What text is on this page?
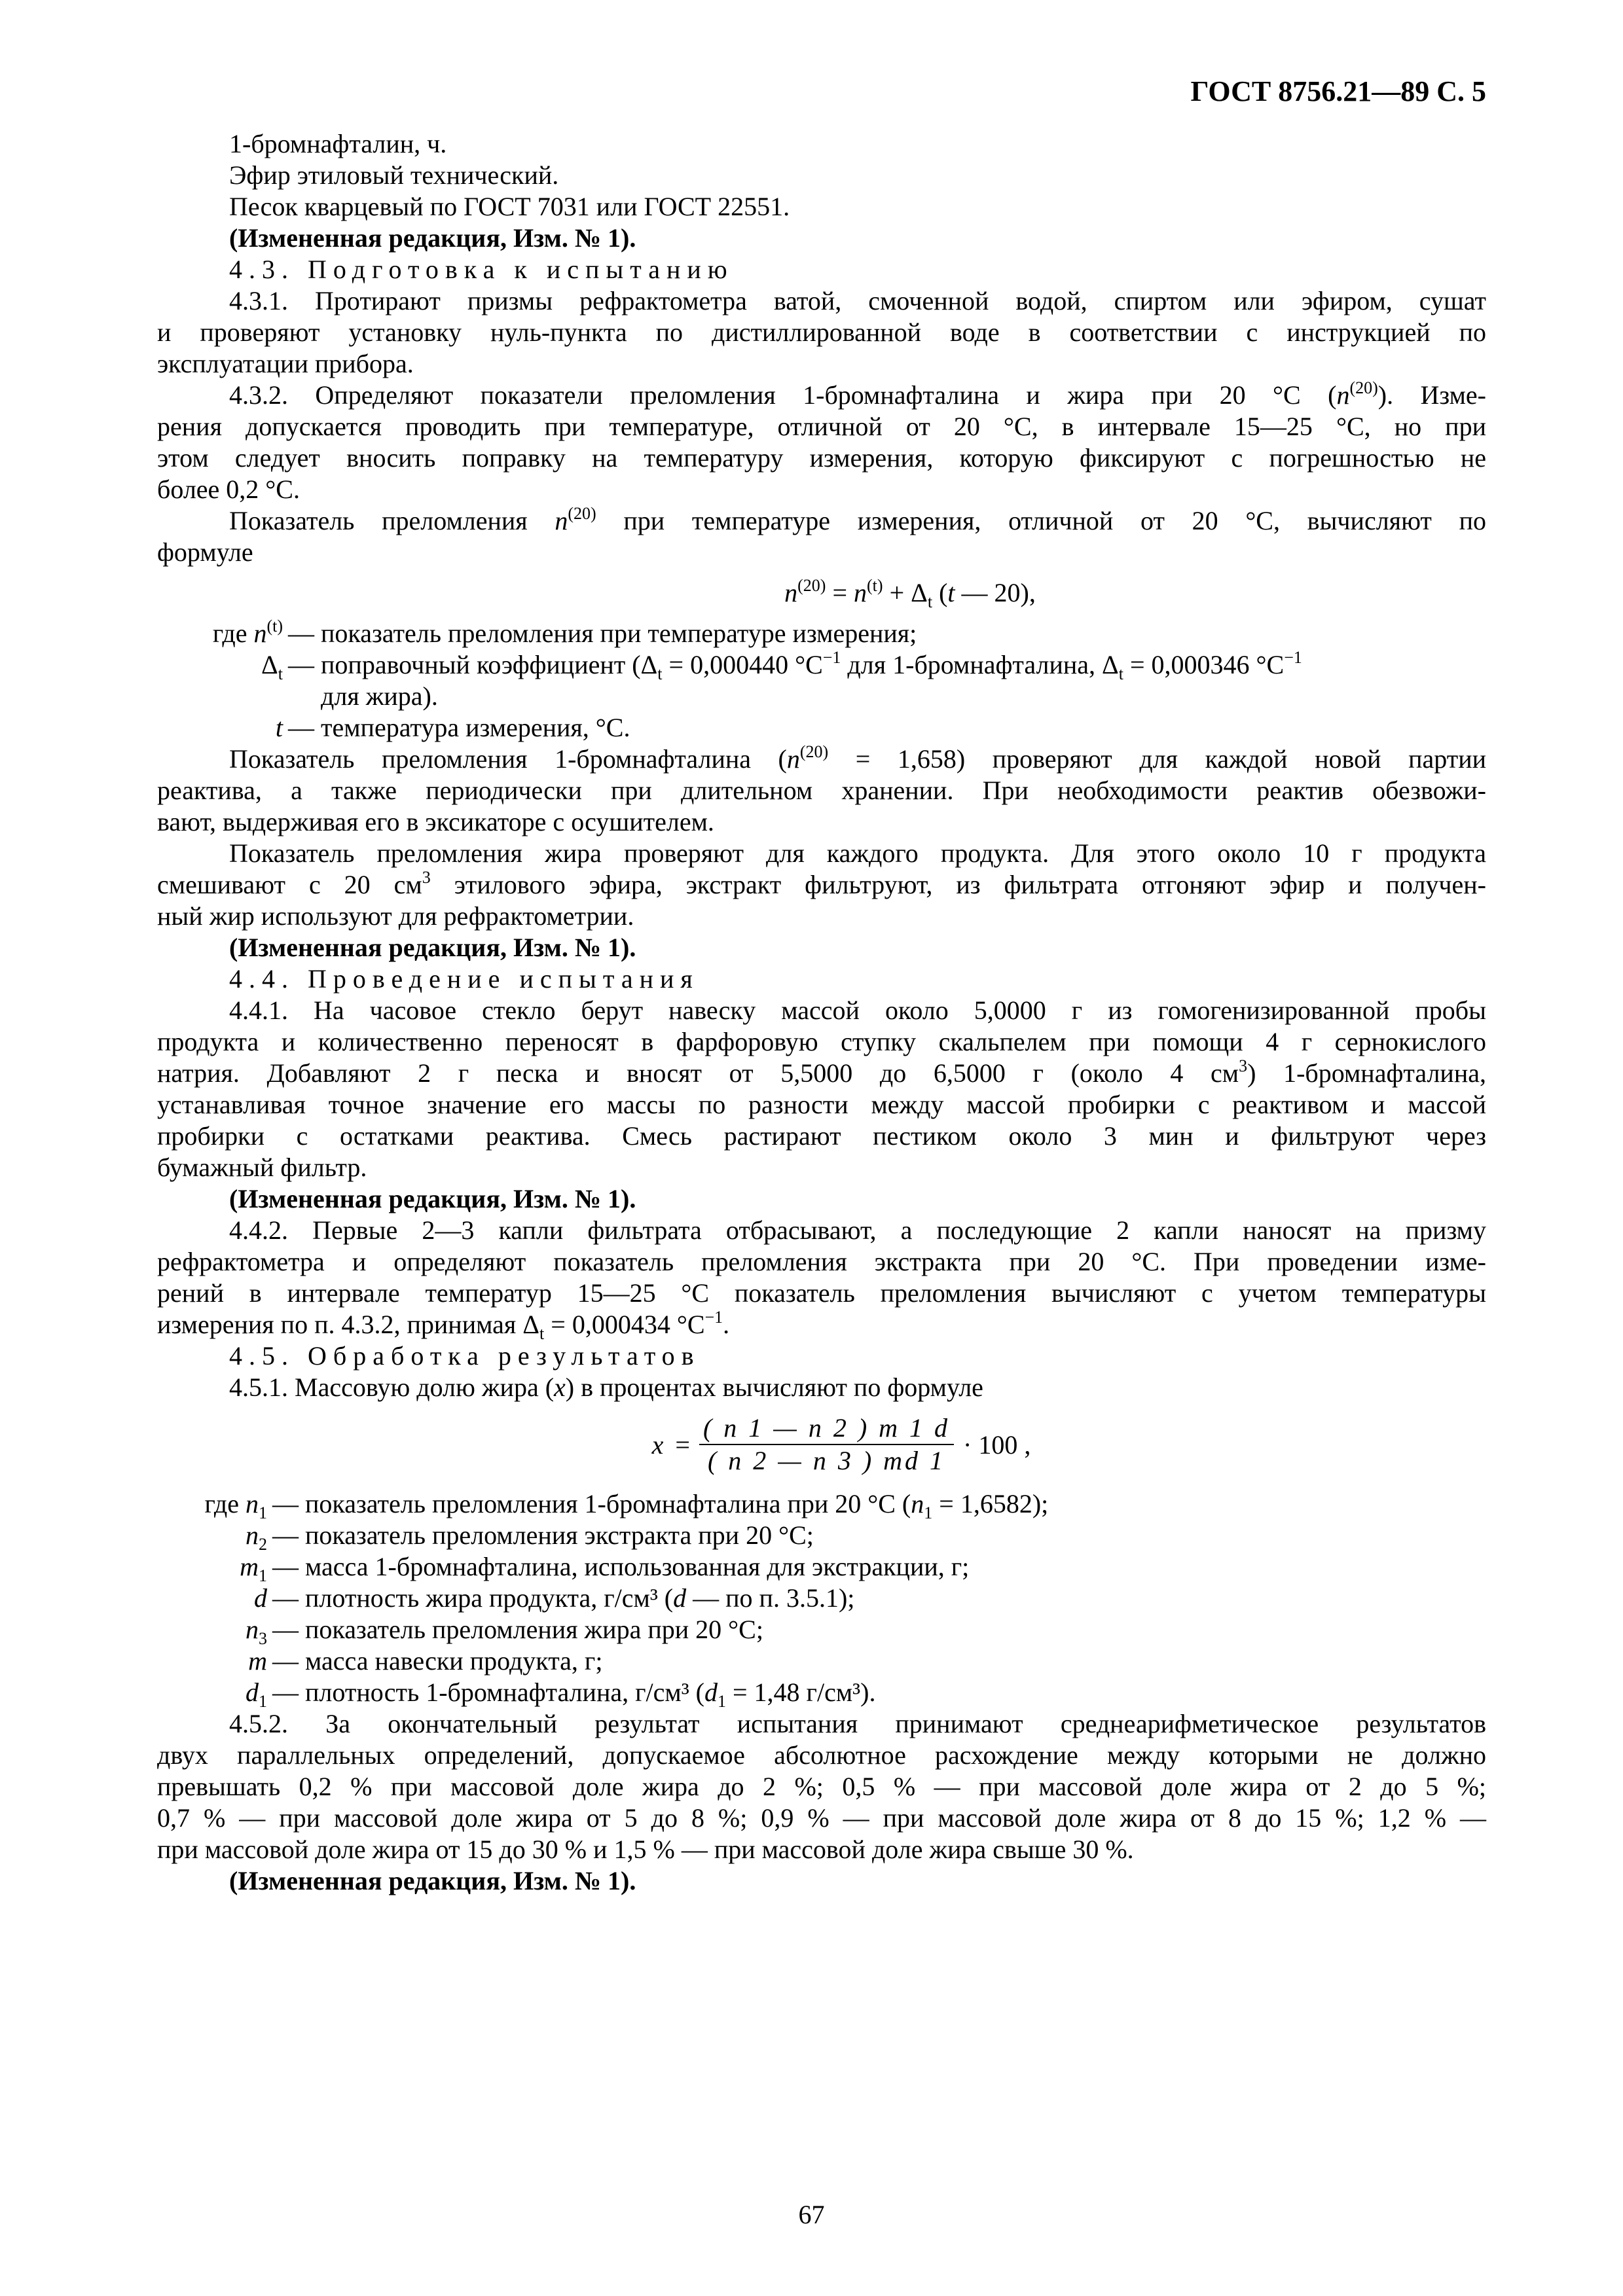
ГОСТ 8756.21—89 С. 5
1-бромнафталин, ч.
Эфир этиловый технический.
Песок кварцевый по ГОСТ 7031 или ГОСТ 22551.
(Измененная редакция, Изм. № 1).
4.3. Подготовка к испытанию
4.3.1. Протирают призмы рефрактометра ватой, смоченной водой, спиртом или эфиром, сушат
и проверяют установку нуль-пункта по дистиллированной воде в соответствии с инструкцией по
эксплуатации прибора.
4.3.2. Определяют показатели преломления 1-бромнафталина и жира при 20 °С $(n^{(20)})$. Изме-
рения допускается проводить при температуре, отличной от 20 °С, в интервале 15—25 °С, но при
этом следует вносить поправку на температуру измерения, которую фиксируют с погрешностью не
более 0,2 °С.
Показатель преломления $n^{(20)}$ при температуре измерения, отличной от 20 °С, вычисляют по
формуле
$n^{(20)} = n^{(t)} + \Delta_t$ (t — 20),
где $n^{(t)}$ — показатель преломления при температуре измерения;
$\Delta_t$ — поправочный коэффициент ($\Delta_t = 0,000440$ $^\circ С^{-1}$ для 1-бромнафталина, $\Delta_t = 0,000346$ $^\circ С^{-1}$
для жира).
t — температура измерения, °С.
Показатель преломления 1-бромнафталина $(n^{(20)} = 1,658)$ проверяют для каждой новой партии
реактива, а также периодически при длительном хранении. При необходимости реактив обезвожи-
вают, выдерживая его в эксикаторе с осушителем.
Показатель преломления жира проверяют для каждого продукта. Для этого около 10 г продукта
смешивают с 20 $см^3$ этилового эфира, экстракт фильтруют, из фильтрата отгоняют эфир и получен-
ный жир используют для рефрактометрии.
(Измененная редакция, Изм. № 1).
4.4. Проведение испытания
4.4.1. На часовое стекло берут навеску массой около 5,0000 г из гомогенизированной пробы
продукта и количественно переносят в фарфоровую ступку скальпелем при помощи 4 г сернокислого
натрия. Добавляют 2 г песка и вносят от 5,5000 до 6,5000 г (около 4 $см^3$) 1-бромнафталина,
устанавливая точное значение его массы по разности между массой пробирки с реактивом и массой
пробирки с остатками реактива. Смесь растирают пестиком около 3 мин и фильтруют через
бумажный фильтр.
(Измененная редакция, Изм. № 1).
4.4.2. Первые 2—3 капли фильтрата отбрасывают, а последующие 2 капли наносят на призму
рефрактометра и определяют показатель преломления экстракта при 20 °С. При проведении изме-
рений в интервале температур 15—25 °С показатель преломления вычисляют с учетом температуры
измерения по п. 4.3.2, принимая $\Delta_t = 0,000434$ $^\circ С^{-1}$.
4.5. Обработка результатов
4.5.1. Массовую долю жира (x) в процентах вычисляют по формуле
$x = \frac{( n 1 — n 2 ) m 1 d}{( n 2 — n 3 ) md 1} \cdot 100$ ,
где $n_1$ — показатель преломления 1-бромнафталина при 20 °С $(n_1 = 1,6582)$;
$n_2$ — показатель преломления экстракта при 20 °С;
$m_1$ — масса 1-бромнафталина, использованная для экстракции, г;
d — плотность жира продукта, г/см³ (d — по п. 3.5.1);
$n_3$ — показатель преломления жира при 20 °С;
m — масса навески продукта, г;
$d_1$ — плотность 1-бромнафталина, г/см³ ($d_1 = 1,48$ г/см³).
4.5.2. За окончательный результат испытания принимают среднеарифметическое результатов
двух параллельных определений, допускаемое абсолютное расхождение между которыми не должно
превышать 0,2 % при массовой доле жира до 2 %; 0,5 % — при массовой доле жира от 2 до 5 %;
0,7 % — при массовой доле жира от 5 до 8 %; 0,9 % — при массовой доле жира от 8 до 15 %; 1,2 % —
при массовой доле жира от 15 до 30 % и 1,5 % — при массовой доле жира свыше 30 %.
(Измененная редакция, Изм. № 1).
67
